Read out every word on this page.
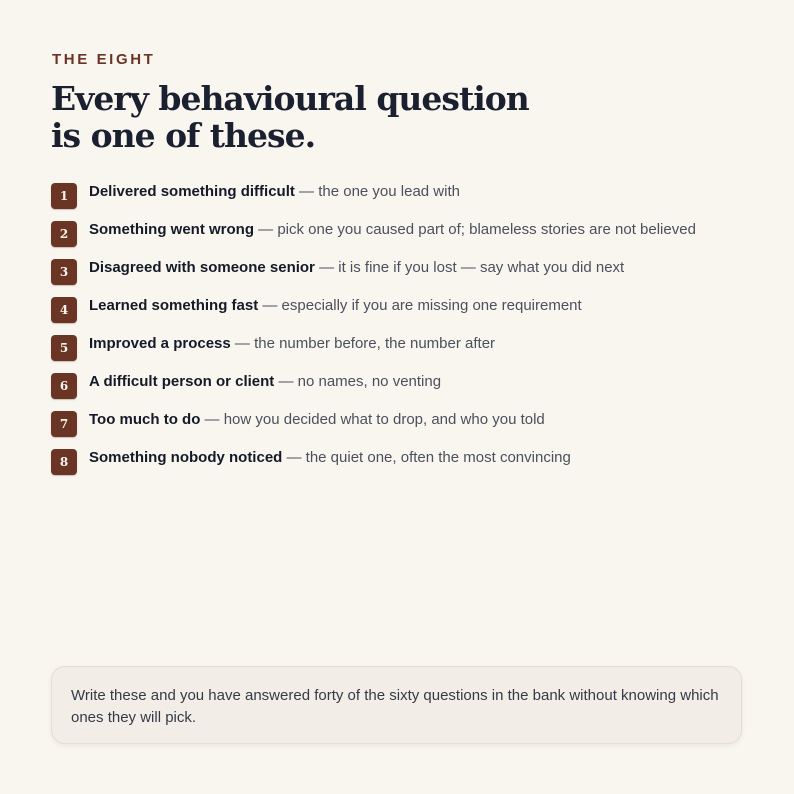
THE EIGHT
Every behavioural question
is one of these.
1	Delivered something difficult — the one you lead with
2	Something went wrong — pick one you caused part of; blameless stories are not believed
3	Disagreed with someone senior — it is fine if you lost — say what you did next
4	Learned something fast — especially if you are missing one requirement
5	Improved a process — the number before, the number after
6	A difficult person or client — no names, no venting
7	Too much to do — how you decided what to drop, and who you told
8	Something nobody noticed — the quiet one, often the most convincing
Write these and you have answered forty of the sixty questions in the bank without knowing which ones they will pick.
